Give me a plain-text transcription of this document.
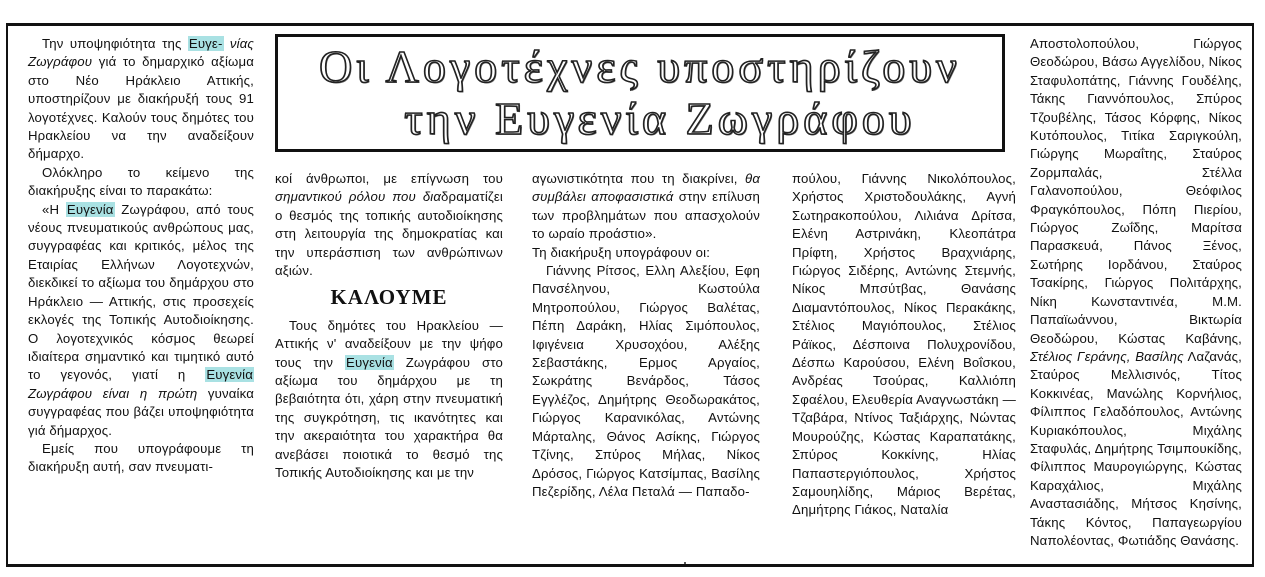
Την υποψηφιότητα της Ευγε- νίας Ζωγράφου γιά το δημαρχικό αξίωμα στο Νέο Ηράκλειο Αττικής, υποστηρίζουν με διακήρυξή τους 91 λογοτέχνες. Καλούν τους δημότες του Ηρακλείου να την αναδείξουν δήμαρχο.

Ολόκληρο το κείμενο της διακήρυξης είναι το παρακάτω:

«Η Ευγενία Ζωγράφου, από τους νέους πνευματικούς ανθρώπους μας, συγγραφέας και κριτικός, μέλος της Εταιρίας Ελλήνων Λογοτεχνών, διεκδικεί το αξίωμα του δημάρχου στο Ηράκλειο — Αττικής, στις προσεχείς εκλογές της Τοπικής Αυτοδιοίκησης. Ο λογοτεχνικός κόσμος θεωρεί ιδιαίτερα σημαντικό και τιμητικό αυτό το γεγονός, γιατί η Ευγενία Ζωγράφου είναι η πρώτη γυναίκα συγγραφέας που βάζει υποψηφιότητα γιά δήμαρχος.

Εμείς που υπογράφουμε τη διακήρυξη αυτή, σαν πνευματι-

Οι Λογοτέχνες υποστηρίζουν
την Ευγενία Ζωγράφου

κοί άνθρωποι, με επίγνωση του σημαντικού ρόλου που διαδραματίζει ο θεσμός της τοπικής αυτοδιοίκησης στη λειτουργία της δημοκρατίας και την υπεράσπιση των ανθρώπινων αξιών.

ΚΑΛΟΥΜΕ

Τους δημότες του Ηρακλείου — Αττικής ν' αναδείξουν με την ψήφο τους την Ευγενία Ζωγράφου στο αξίωμα του δημάρχου με τη βεβαιότητα ότι, χάρη στην πνευματική της συγκρότηση, τις ικανότητες και την ακεραιότητα του χαρακτήρα θα ανεβάσει ποιοτικά το θεσμό της Τοπικής Αυτοδιοίκησης και με την

αγωνιστικότητα που τη διακρίνει, θα συμβάλει αποφασιστικά στην επίλυση των προβλημάτων που απασχολούν το ωραίο προάστιο».

Τη διακήρυξη υπογράφουν οι:

Γιάννης Ρίτσος, Ελλη Αλεξίου, Εφη Πανσέληνου, Κωστούλα Μητροπούλου, Γιώργος Βαλέτας, Πέπη Δαράκη, Ηλίας Σιμόπουλος, Ιφιγένεια Χρυσοχόου, Αλέξης Σεβαστάκης, Ερμος Αργαίος, Σωκράτης Βενάρδος, Τάσος Εγγλέζος, Δημήτρης Θεοδωρακάτος, Γιώργος Καρανικόλας, Αντώνης Μάρταλης, Θάνος Ασίκης, Γιώργος Τζίνης, Σπύρος Μήλας, Νίκος Δρόσος, Γιώργος Κατσίμπας, Βασίλης Πεζερίδης, Λέλα Πεταλά — Παπαδο-

πούλου, Γιάννης Νικολόπουλος, Χρήστος Χριστοδουλάκης, Αγνή Σωτηρακοπούλου, Λιλιάνα Δρίτσα, Ελένη Αστρινάκη, Κλεοπάτρα Πρίφτη, Χρήστος Βραχνιάρης, Γιώργος Σιδέρης, Αντώνης Στεμνής, Νίκος Μπσύτβας, Θανάσης Διαμαντόπουλος, Νίκος Περακάκης, Στέλιος Μαγιόπουλος, Στέλιος Ράϊκος, Δέσποινα Πολυχρονίδου, Δέσπω Καρούσου, Ελένη Βοΐσκου, Ανδρέας Τσούρας, Καλλιόπη Σφαέλου, Ελευθερία Αναγνωστάκη — Τζαβάρα, Ντίνος Ταξιάρχης, Νώντας Μουρούζης, Κώστας Καραπατάκης, Σπύρος Κοκκίνης, Ηλίας Παπαστεργιόπουλος, Χρήστος Σαμουηλίδης, Μάριος Βερέτας, Δημήτρης Γιάκος, Ναταλία

Αποστολοπούλου, Γιώργος Θεοδώρου, Βάσω Αγγελίδου, Νίκος Σταφυλοπάτης, Γιάννης Γουδέλης, Τάκης Γιαννόπουλος, Σπύρος Τζουβέλης, Τάσος Κόρφης, Νίκος Κυτόπουλος, Τιτίκα Σαριγκούλη, Γιώργης Μωραΐτης, Σταύρος Ζορμπαλάς, Στέλλα Γαλανοπούλου, Θεόφιλος Φραγκόπουλος, Πόπη Πιερίου, Γιώργος Ζωΐδης, Μαρίτσα Παρασκευά, Πάνος Ξένος, Σωτήρης Ιορδάνου, Σταύρος Τσακίρης, Γιώργος Πολιτάρχης, Νίκη Κωνσταντινέα, Μ.Μ. Παπαϊωάννου, Βικτωρία Θεοδώρου, Κώστας Καβάνης, Στέλιος Γεράνης, Βασίλης Λαζανάς, Σταύρος Μελλισινός, Τίτος Κοκκινέας, Μανώλης Κορνήλιος, Φίλιππος Γελαδόπουλος, Αντώνης Κυριακόπουλος, Μιχάλης Σταφυλάς, Δημήτρης Τσιμπουκίδης, Φίλιππος Μαυρογιώργης, Κώστας Καραχάλιος, Μιχάλης Αναστασιάδης, Μήτσος Κησίνης, Τάκης Κόντος, Παπαγεωργίου Ναπολέοντας, Φωτιάδης Θανάσης.
